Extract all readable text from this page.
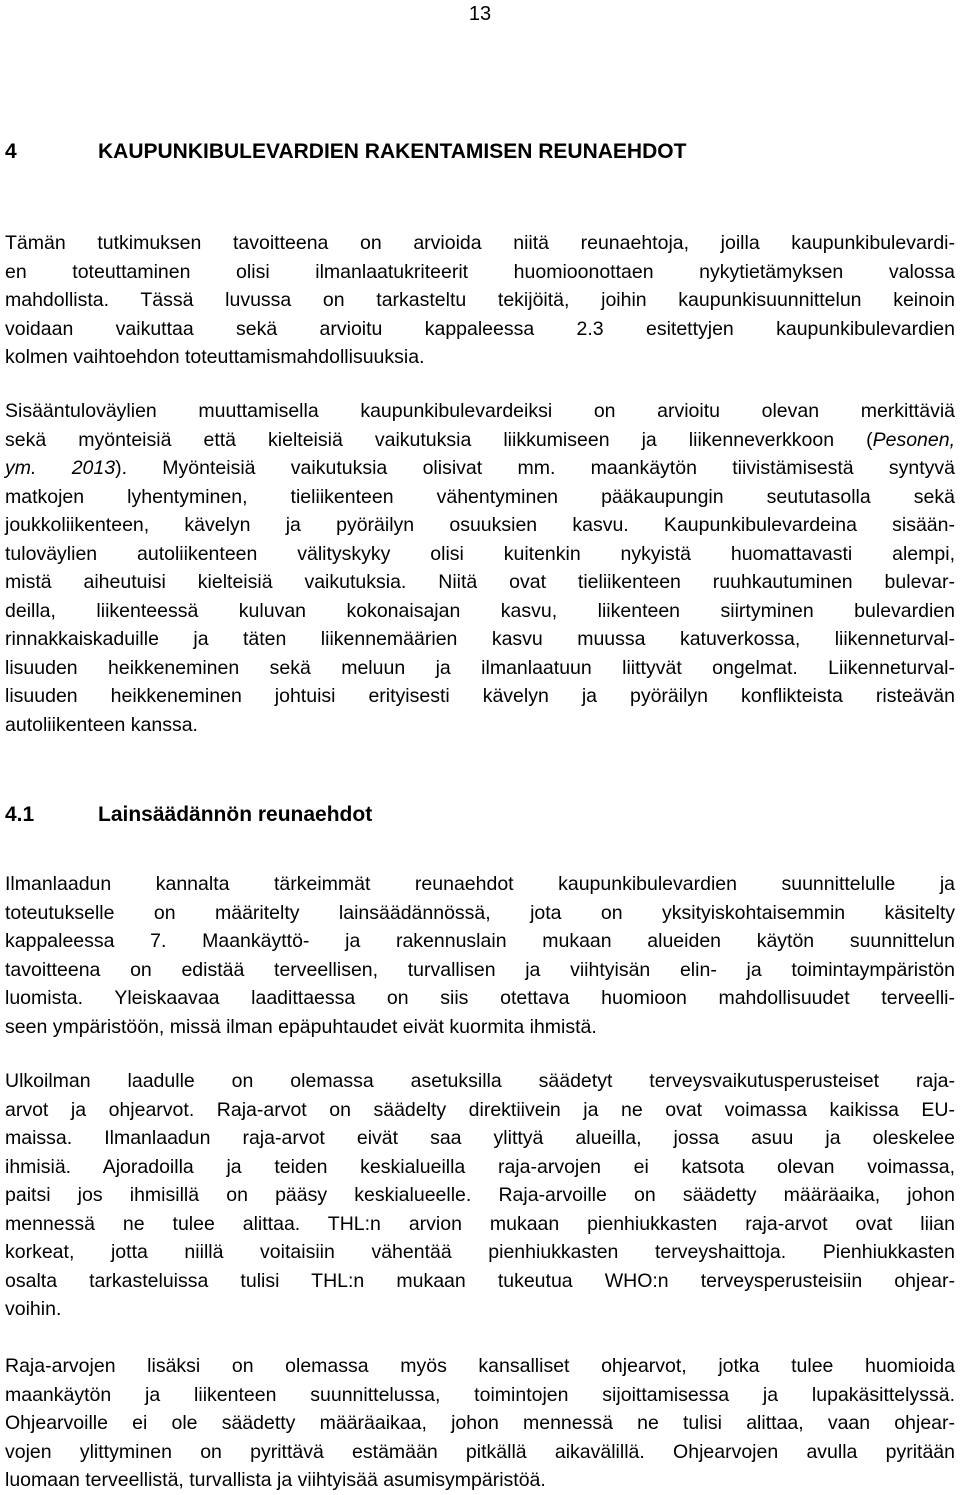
13
4	KAUPUNKIBULEVARDIEN RAKENTAMISEN REUNAEHDOT
Tämän tutkimuksen tavoitteena on arvioida niitä reunaehtoja, joilla kaupunkibulevardi-
en toteuttaminen olisi ilmanlaatukriteerit huomioonottaen nykytietämyksen valossa
mahdollista. Tässä luvussa on tarkasteltu tekijöitä, joihin kaupunkisuunnittelun keinoin
voidaan vaikuttaa sekä arvioitu kappaleessa 2.3 esitettyjen kaupunkibulevardien
kolmen vaihtoehdon toteuttamismahdollisuuksia.
Sisääntuloväylien muuttamisella kaupunkibulevardeiksi on arvioitu olevan merkittäviä
sekä myönteisiä että kielteisiä vaikutuksia liikkumiseen ja liikenneverkkoon (Pesonen,
ym. 2013). Myönteisiä vaikutuksia olisivat mm. maankäytön tiivistämisestä syntyvä
matkojen lyhentyminen, tieliikenteen vähentyminen pääkaupungin seututasolla sekä
joukkoliikenteen, kävelyn ja pyöräilyn osuuksien kasvu. Kaupunkibulevardeina sisään-
tuloväylien autoliikenteen välityskyky olisi kuitenkin nykyistä huomattavasti alempi,
mistä aiheutuisi kielteisiä vaikutuksia. Niitä ovat tieliikenteen ruuhkautuminen bulevar-
deilla, liikenteessä kuluvan kokonaisajan kasvu, liikenteen siirtyminen bulevardien
rinnakkaiskaduille ja täten liikennemäärien kasvu muussa katuverkossa, liikenneturval-
lisuuden heikkeneminen sekä meluun ja ilmanlaatuun liittyvät ongelmat. Liikenneturval-
lisuuden heikkeneminen johtuisi erityisesti kävelyn ja pyöräilyn konflikteista risteävän
autoliikenteen kanssa.
4.1	Lainsäädännön reunaehdot
Ilmanlaadun kannalta tärkeimmät reunaehdot kaupunkibulevardien suunnittelulle ja
toteutukselle on määritelty lainsäädännössä, jota on yksityiskohtaisemmin käsitelty
kappaleessa 7. Maankäyttö- ja rakennuslain mukaan alueiden käytön suunnittelun
tavoitteena on edistää terveellisen, turvallisen ja viihtyisän elin- ja toimintaympäristön
luomista. Yleiskaavaa laadittaessa on siis otettava huomioon mahdollisuudet terveelli-
seen ympäristöön, missä ilman epäpuhtaudet eivät kuormita ihmistä.
Ulkoilman laadulle on olemassa asetuksilla säädetyt terveysvaikutusperusteiset raja-
arvot ja ohjearvot. Raja-arvot on säädelty direktiivein ja ne ovat voimassa kaikissa EU-
maissa. Ilmanlaadun raja-arvot eivät saa ylittyä alueilla, jossa asuu ja oleskelee
ihmisiä. Ajoradoilla ja teiden keskialueilla raja-arvojen ei katsota olevan voimassa,
paitsi jos ihmisillä on pääsy keskialueelle. Raja-arvoille on säädetty määräaika, johon
mennessä ne tulee alittaa. THL:n arvion mukaan pienhiukkasten raja-arvot ovat liian
korkeat, jotta niillä voitaisiin vähentää pienhiukkasten terveyshaittoja. Pienhiukkasten
osalta tarkasteluissa tulisi THL:n mukaan tukeutua WHO:n terveysperusteisiin ohjear-
voihin.
Raja-arvojen lisäksi on olemassa myös kansalliset ohjearvot, jotka tulee huomioida
maankäytön ja liikenteen suunnittelussa, toimintojen sijoittamisessa ja lupakäsittelyssä.
Ohjearvoille ei ole säädetty määräaikaa, johon mennessä ne tulisi alittaa, vaan ohjear-
vojen ylittyminen on pyrittävä estämään pitkällä aikavälillä. Ohjearvojen avulla pyritään
luomaan terveellistä, turvallista ja viihtyisää asumisympäristöä.
